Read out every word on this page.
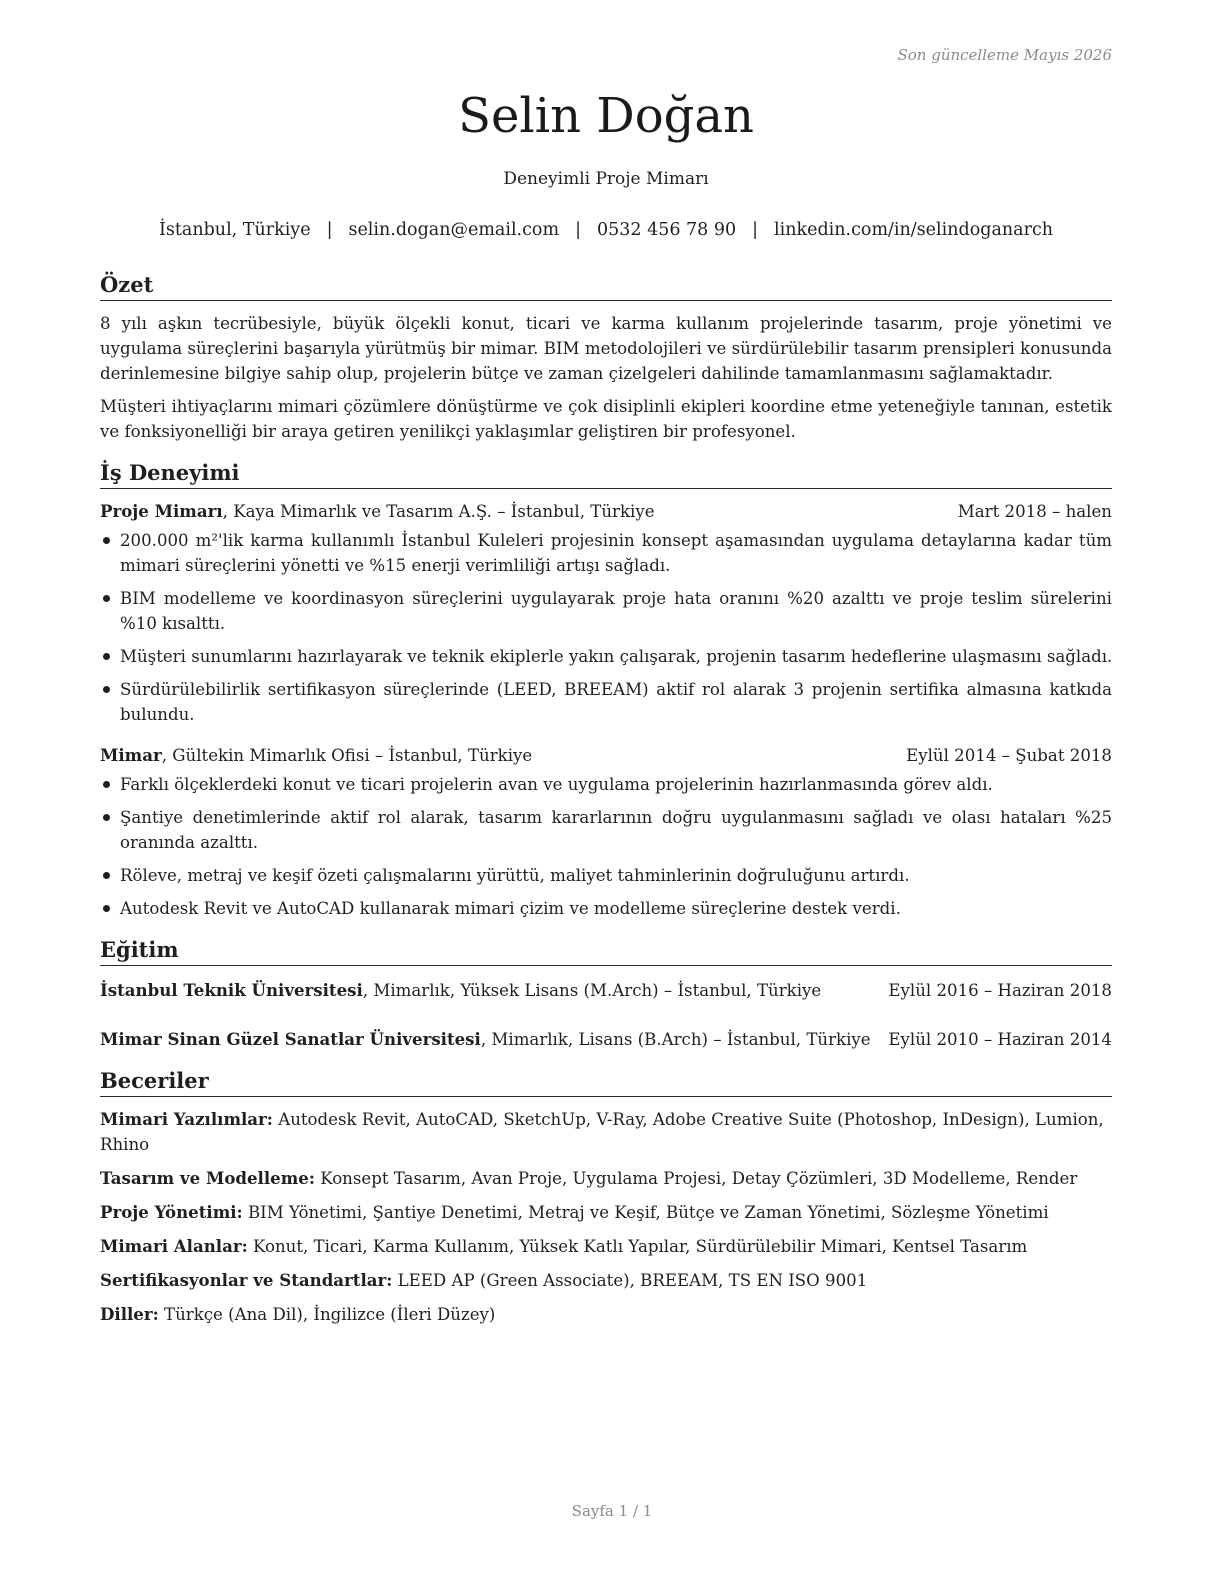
Son güncelleme Mayıs 2026
Selin Doğan
Deneyimli Proje Mimarı
İstanbul, Türkiye | selin.dogan@email.com | 0532 456 78 90 | linkedin.com/in/selindoganarch
Özet

8 yılı aşkın tecrübesiyle, büyük ölçekli konut, ticari ve karma kullanım projelerinde tasarım, proje yönetimi ve uygulama süreçlerini başarıyla yürütmüş bir mimar. BIM metodolojileri ve sürdürülebilir tasarım prensipleri konusunda derinlemesine bilgiye sahip olup, projelerin bütçe ve zaman çizelgeleri dahilinde tamamlanmasını sağlamaktadır.

Müşteri ihtiyaçlarını mimari çözümlere dönüştürme ve çok disiplinli ekipleri koordine etme yeteneğiyle tanınan, estetik ve fonksiyonelliği bir araya getiren yenilikçi yaklaşımlar geliştiren bir profesyonel.

İş Deneyimi
Proje Mimarı, Kaya Mimarlık ve Tasarım A.Ş. – İstanbul, Türkiye	Mart 2018 – halen
200.000 m²'lik karma kullanımlı İstanbul Kuleleri projesinin konsept aşamasından uygulama detaylarına kadar tüm mimari süreçlerini yönetti ve %15 enerji verimliliği artışı sağladı.
BIM modelleme ve koordinasyon süreçlerini uygulayarak proje hata oranını %20 azalttı ve proje teslim sürelerini %10 kısalttı.
Müşteri sunumlarını hazırlayarak ve teknik ekiplerle yakın çalışarak, projenin tasarım hedeflerine ulaşmasını sağladı.
Sürdürülebilirlik sertifikasyon süreçlerinde (LEED, BREEAM) aktif rol alarak 3 projenin sertifika almasına katkıda bulundu.
Mimar, Gültekin Mimarlık Ofisi – İstanbul, Türkiye	Eylül 2014 – Şubat 2018
Farklı ölçeklerdeki konut ve ticari projelerin avan ve uygulama projelerinin hazırlanmasında görev aldı.
Şantiye denetimlerinde aktif rol alarak, tasarım kararlarının doğru uygulanmasını sağladı ve olası hataları %25 oranında azalttı.
Röleve, metraj ve keşif özeti çalışmalarını yürüttü, maliyet tahminlerinin doğruluğunu artırdı.
Autodesk Revit ve AutoCAD kullanarak mimari çizim ve modelleme süreçlerine destek verdi.
Eğitim
İstanbul Teknik Üniversitesi, Mimarlık, Yüksek Lisans (M.Arch) – İstanbul, Türkiye	Eylül 2016 – Haziran 2018
Mimar Sinan Güzel Sanatlar Üniversitesi, Mimarlık, Lisans (B.Arch) – İstanbul, Türkiye Eylül 2010 – Haziran 2014
Beceriler
Mimari Yazılımlar: Autodesk Revit, AutoCAD, SketchUp, V-Ray, Adobe Creative Suite (Photoshop, InDesign), Lumion, Rhino
Tasarım ve Modelleme: Konsept Tasarım, Avan Proje, Uygulama Projesi, Detay Çözümleri, 3D Modelleme, Render
Proje Yönetimi: BIM Yönetimi, Şantiye Denetimi, Metraj ve Keşif, Bütçe ve Zaman Yönetimi, Sözleşme Yönetimi
Mimari Alanlar: Konut, Ticari, Karma Kullanım, Yüksek Katlı Yapılar, Sürdürülebilir Mimari, Kentsel Tasarım
Sertifikasyonlar ve Standartlar: LEED AP (Green Associate), BREEAM, TS EN ISO 9001
Diller: Türkçe (Ana Dil), İngilizce (İleri Düzey)
Sayfa 1 / 1
